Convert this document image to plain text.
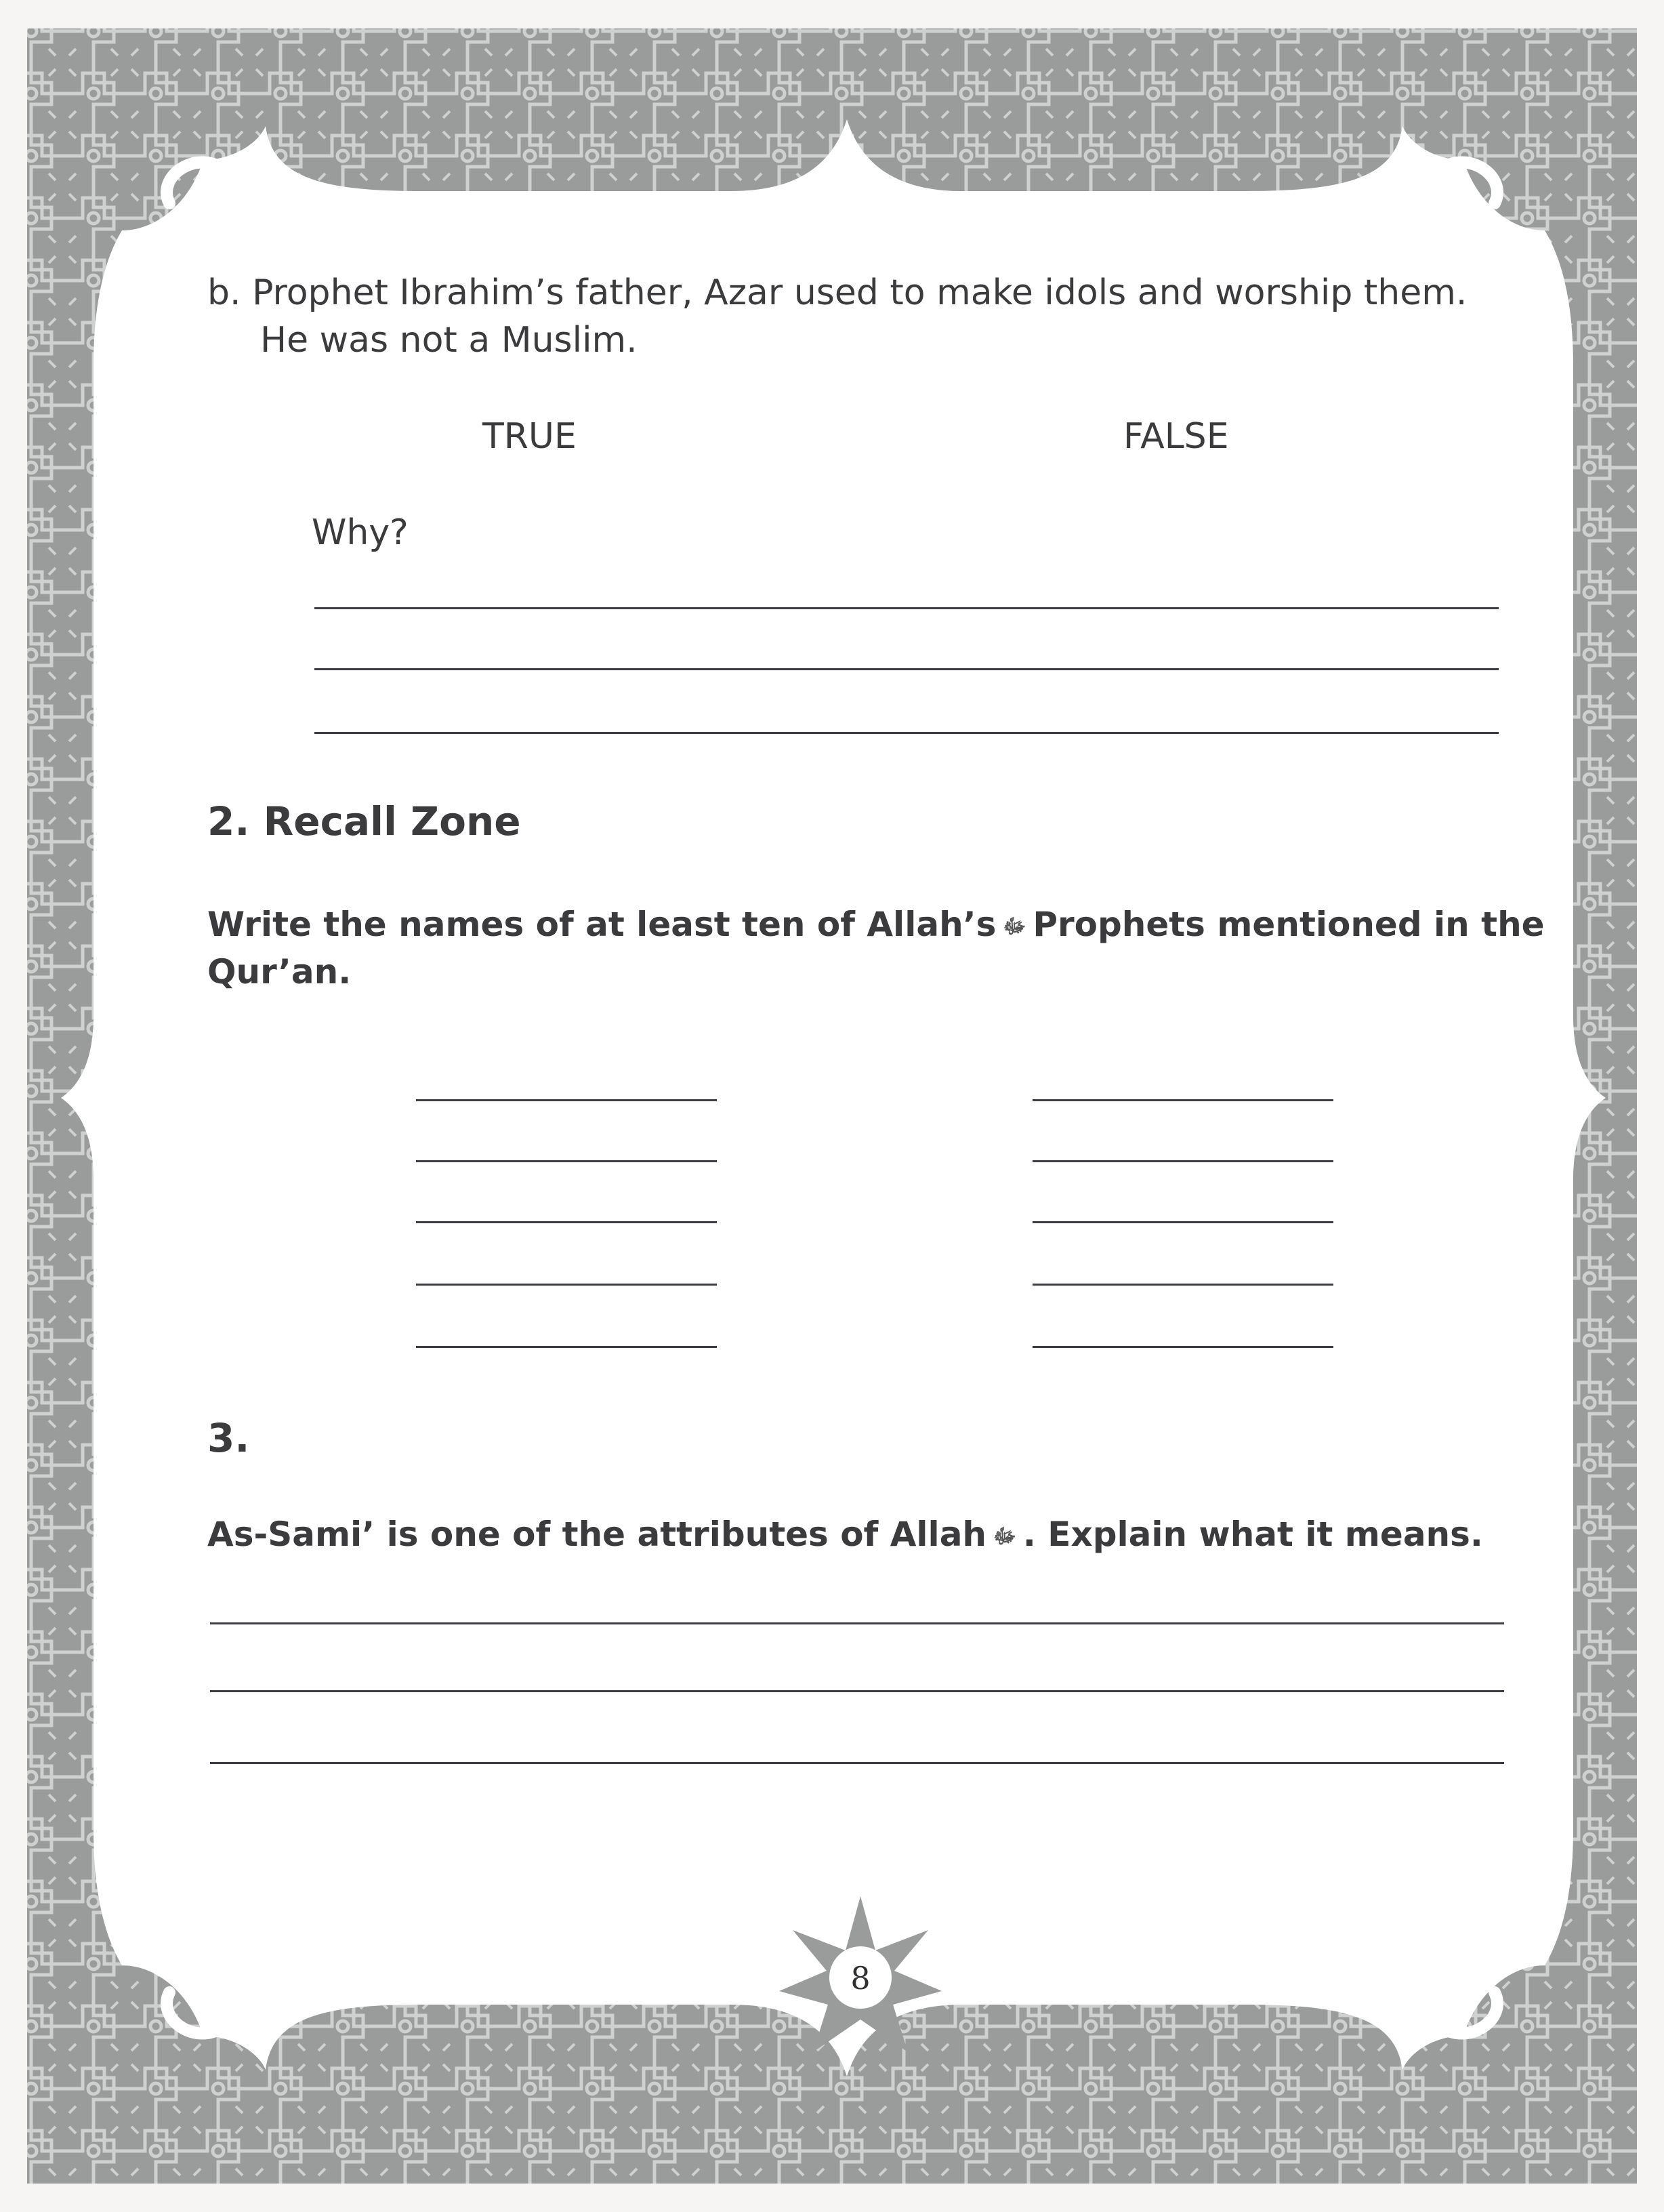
b. Prophet Ibrahim’s father, Azar used to make idols and worship them.
He was not a Muslim.
TRUE	FALSE
Why?
2. Recall Zone
Write the names of at least ten of Allah’s ﷻ Prophets mentioned in the
Qur’an.
3.
As-Sami’ is one of the attributes of Allah ﷻ . Explain what it means.
8
